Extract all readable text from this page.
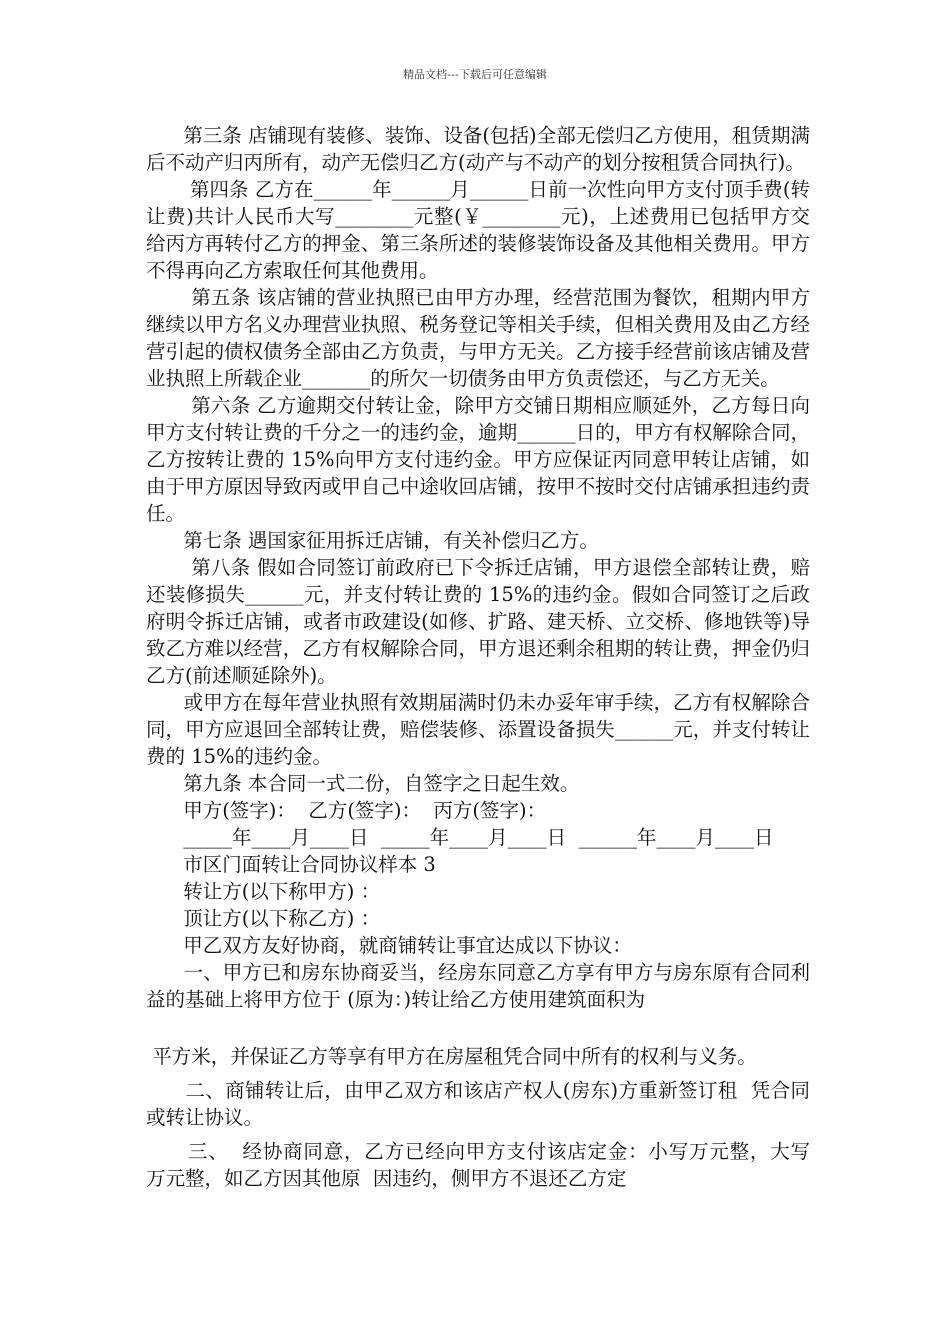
精品文档---下载后可任意编辑

第三条 店铺现有装修、装饰、设备(包括)全部无偿归乙方使用，租赁期满后不动产归丙所有，动产无偿归乙方(动产与不动产的划分按租赁合同执行)。

第四条 乙方在______年______月______日前一次性向甲方支付顶手费(转让费)共计人民币大写________元整(￥________元)，上述费用已包括甲方交给丙方再转付乙方的押金、第三条所述的装修装饰设备及其他相关费用。甲方不得再向乙方索取任何其他费用。

第五条 该店铺的营业执照已由甲方办理，经营范围为餐饮，租期内甲方继续以甲方名义办理营业执照、税务登记等相关手续，但相关费用及由乙方经营引起的债权债务全部由乙方负责，与甲方无关。乙方接手经营前该店铺及营业执照上所载企业_______的所欠一切债务由甲方负责偿还，与乙方无关。

第六条 乙方逾期交付转让金，除甲方交铺日期相应顺延外，乙方每日向甲方支付转让费的千分之一的违约金，逾期______日的，甲方有权解除合同，乙方按转让费的 15%向甲方支付违约金。甲方应保证丙同意甲转让店铺，如由于甲方原因导致丙或甲自己中途收回店铺，按甲不按时交付店铺承担违约责任。

第七条 遇国家征用拆迁店铺，有关补偿归乙方。

第八条 假如合同签订前政府已下令拆迁店铺，甲方退偿全部转让费，赔还装修损失______元，并支付转让费的 15%的违约金。假如合同签订之后政府明令拆迁店铺，或者市政建设(如修、扩路、建天桥、立交桥、修地铁等)导致乙方难以经营，乙方有权解除合同，甲方退还剩余租期的转让费，押金仍归乙方(前述顺延除外)。

或甲方在每年营业执照有效期届满时仍未办妥年审手续，乙方有权解除合同，甲方应退回全部转让费，赔偿装修、添置设备损失______元，并支付转让费的 15%的违约金。

第九条 本合同一式二份，自签字之日起生效。

甲方(签字)：  乙方(签字)：  丙方(签字)：

_____年____月____日  _____年____月____日  ______年____月____日

市区门面转让合同协议样本 3

转让方(以下称甲方) ：

顶让方(以下称乙方) ：

甲乙双方友好协商，就商铺转让事宜达成以下协议：

一、甲方已和房东协商妥当，经房东同意乙方享有甲方与房东原有合同利益的基础上将甲方位于 (原为：)转让给乙方使用建筑面积为

平方米，并保证乙方等享有甲方在房屋租凭合同中所有的权利与义务。

二、商铺转让后，由甲乙双方和该店产权人(房东)方重新签订租  凭合同或转让协议。

三、  经协商同意，乙方已经向甲方支付该店定金：小写万元整，大写  万元整，如乙方因其他原  因违约，侧甲方不退还乙方定
